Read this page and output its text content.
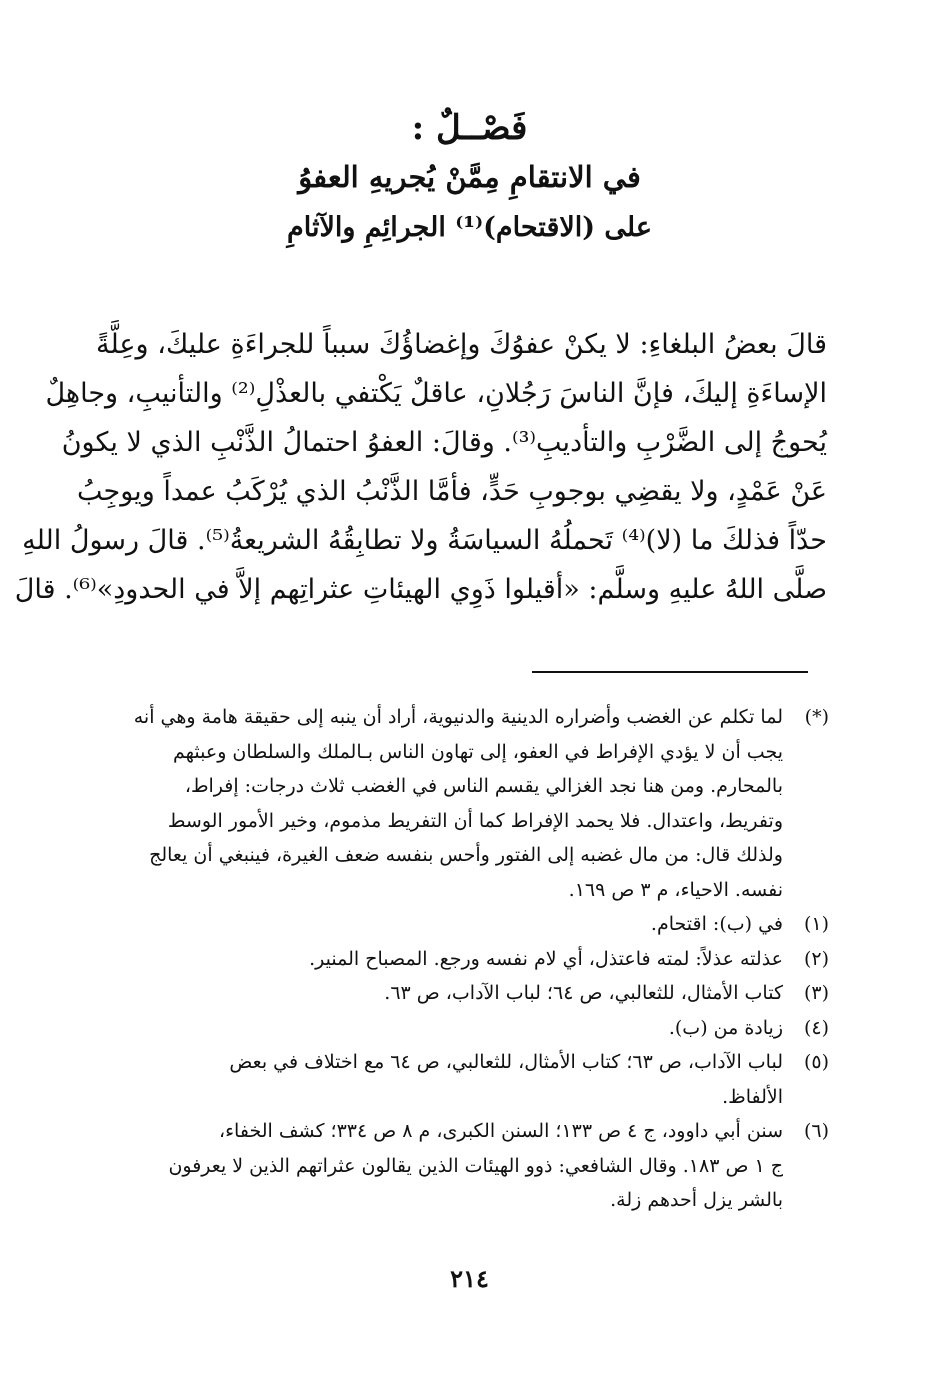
فَصْــلٌ :
في الانتقامِ مِمَّنْ يُجريهِ العفوُ
على (الاقتحام)⁽¹⁾ الجرائِمِ والآثامِ
قالَ بعضُ البلغاءِ: لا يكنْ عفوُكَ وإغضاؤُكَ سبباً للجراءَةِ عليكَ، وعِلَّةً
الإساءَةِ إليكَ، فإنَّ الناسَ رَجُلانِ، عاقلٌ يَكْتفي بالعذْلِ⁽²⁾ والتأنيبِ، وجاهِلٌ
يُحوجُ إلى الضَّرْبِ والتأديبِ⁽³⁾. وقالَ: العفوُ احتمالُ الذَّنْبِ الذي لا يكونُ
عَنْ عَمْدٍ، ولا يقضِي بوجوبِ حَدٍّ، فأمَّا الذَّنْبُ الذي يُرْكَبُ عمداً ويوجِبُ
حدّاً فذلكَ ما (لا)⁽⁴⁾ تَحملُهُ السياسَةُ ولا تطابِقُهُ الشريعةُ⁽⁵⁾. قالَ رسولُ اللهِ
صلَّى اللهُ عليهِ وسلَّم: «أقيلوا ذَوِي الهيئاتِ عثراتِهم إلاَّ في الحدودِ»⁽⁶⁾. قالَ
(*)
لما تكلم عن الغضب وأضراره الدينية والدنيوية، أراد أن ينبه إلى حقيقة هامة وهي أنه
يجب أن لا يؤدي الإفراط في العفو، إلى تهاون الناس بـالملك والسلطان وعبثهم
بالمحارم. ومن هنا نجد الغزالي يقسم الناس في الغضب ثلاث درجات: إفراط،
وتفريط، واعتدال. فلا يحمد الإفراط كما أن التفريط مذموم، وخير الأمور الوسط
ولذلك قال: من مال غضبه إلى الفتور وأحس بنفسه ضعف الغيرة، فينبغي أن يعالج
نفسه. الاحياء، م ٣ ص ١٦٩.
(١)
في (ب): اقتحام.
(٢)
عذلته عذلاً: لمته فاعتذل، أي لام نفسه ورجع. المصباح المنير.
(٣)
كتاب الأمثال، للثعالبي، ص ٦٤؛ لباب الآداب، ص ٦٣.
(٤)
زيادة من (ب).
(٥)
لباب الآداب، ص ٦٣؛ كتاب الأمثال، للثعالبي، ص ٦٤ مع اختلاف في بعض
الألفاظ.
(٦)
سنن أبي داوود، ج ٤ ص ١٣٣؛ السنن الكبرى، م ٨ ص ٣٣٤؛ كشف الخفاء،
ج ١ ص ١٨٣. وقال الشافعي: ذوو الهيئات الذين يقالون عثراتهم الذين لا يعرفون
بالشر يزل أحدهم زلة.
٢١٤
